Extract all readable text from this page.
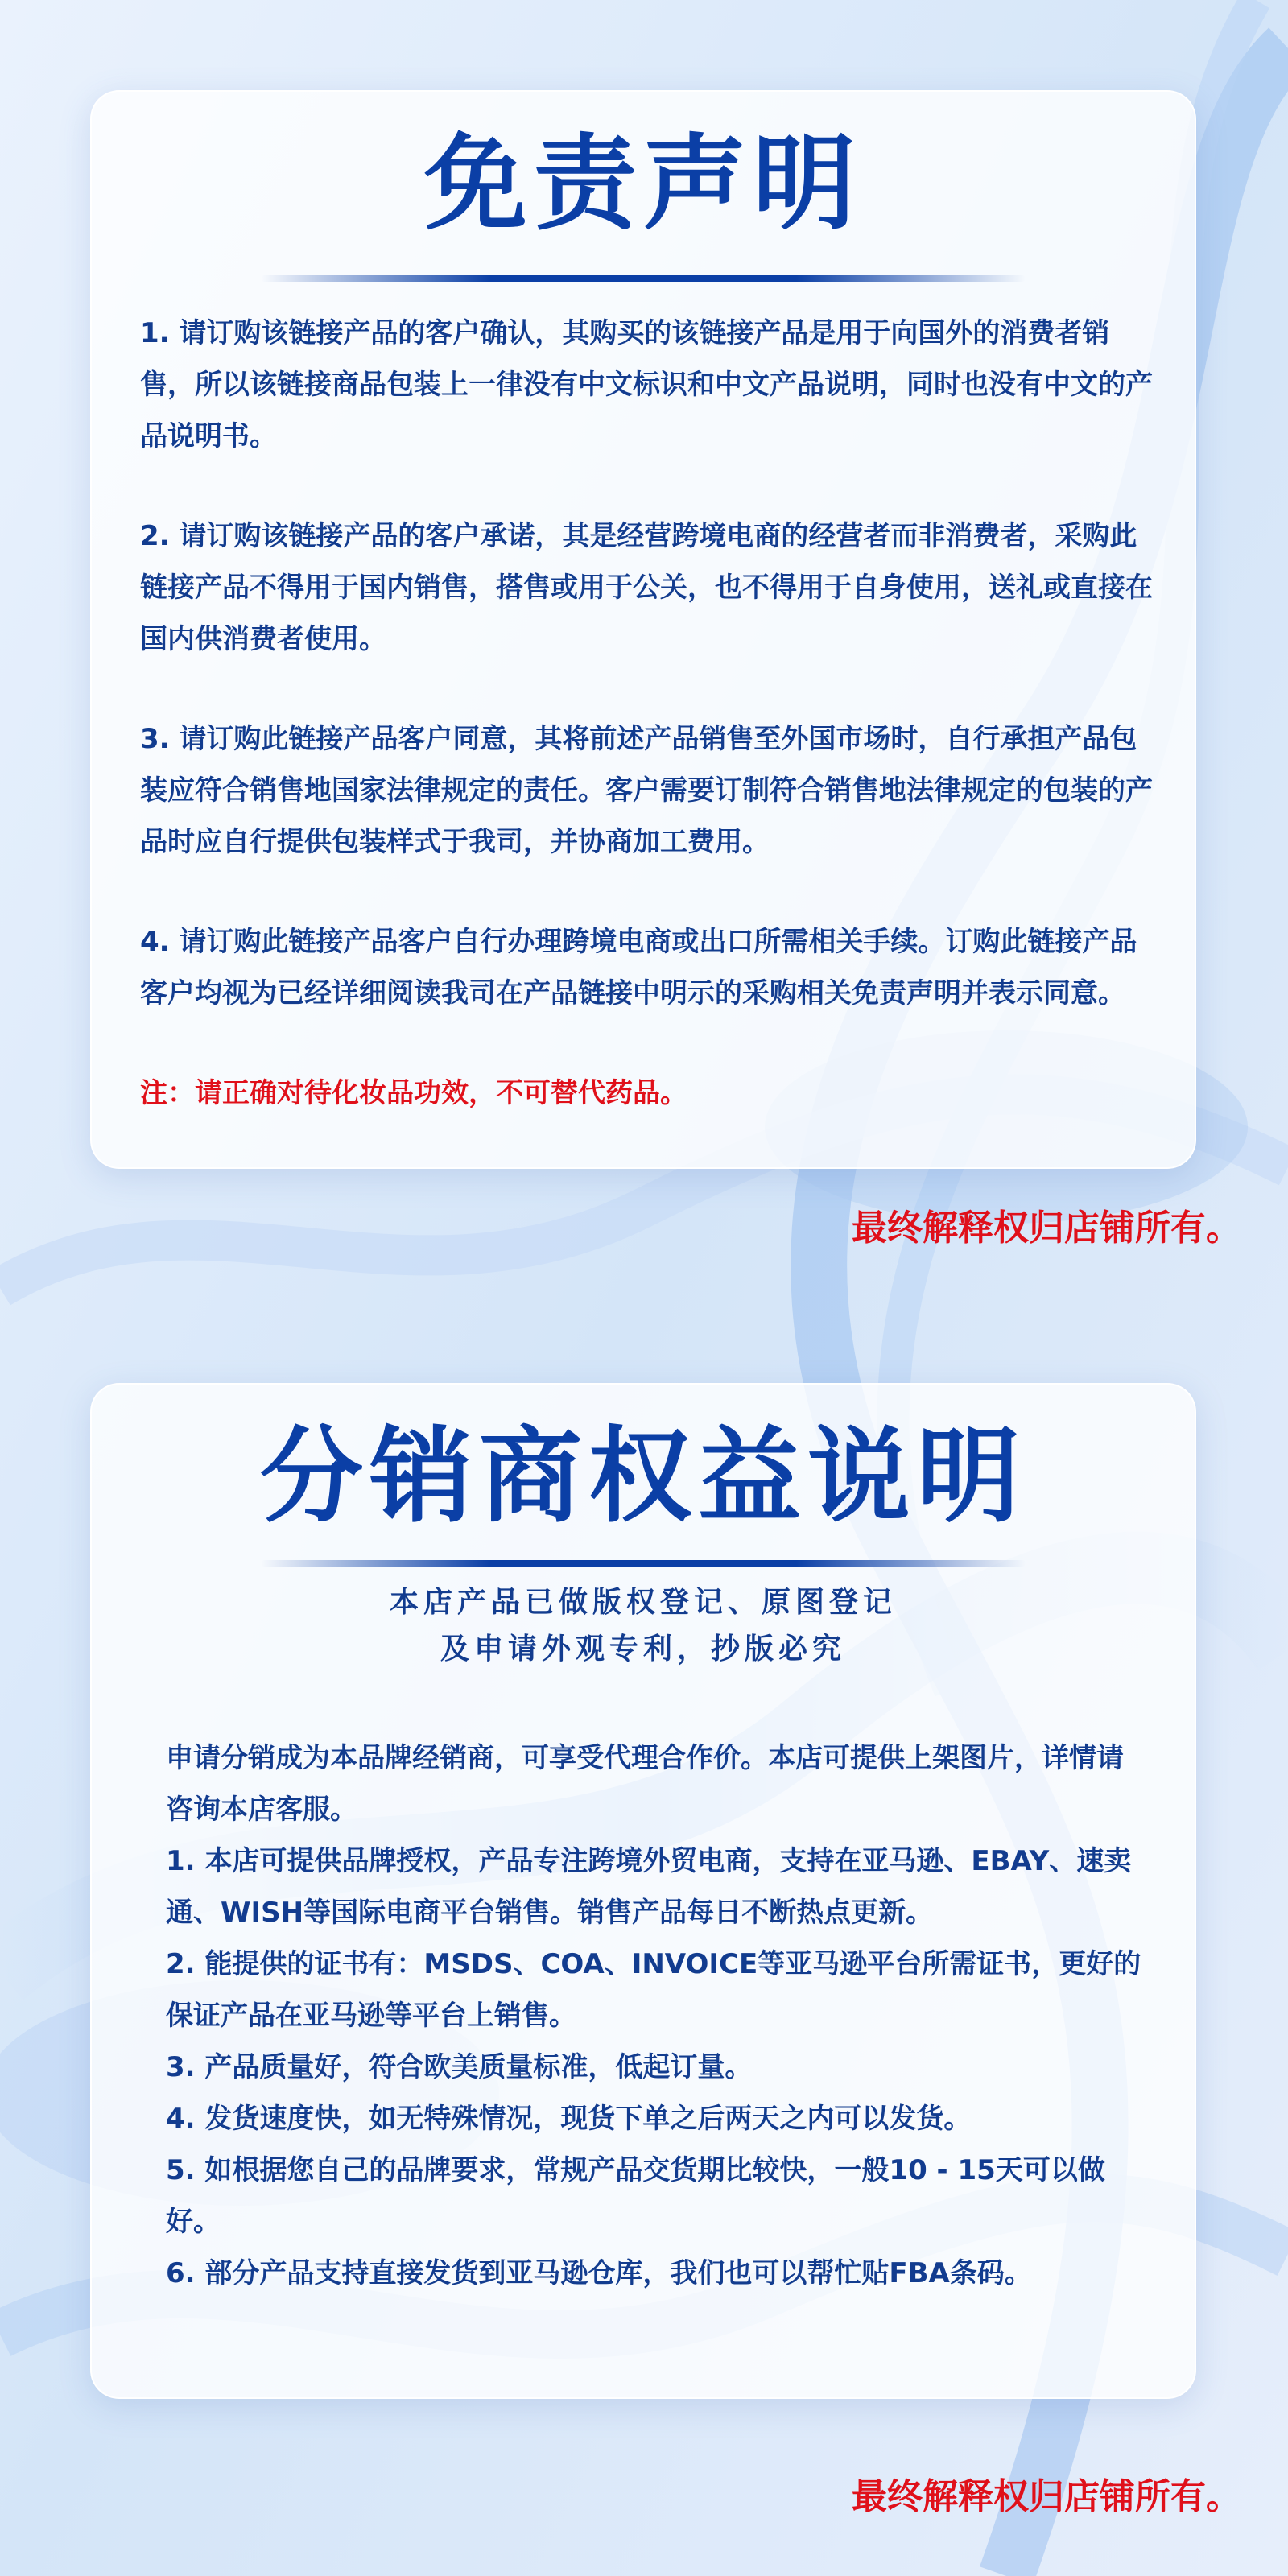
免责声明

1. 请订购该链接产品的客户确认，其购买的该链接产品是用于向国外的消费者销售，所以该链接商品包装上一律没有中文标识和中文产品说明，同时也没有中文的产品说明书。

2. 请订购该链接产品的客户承诺，其是经营跨境电商的经营者而非消费者，采购此链接产品不得用于国内销售，搭售或用于公关，也不得用于自身使用，送礼或直接在国内供消费者使用。

3. 请订购此链接产品客户同意，其将前述产品销售至外国市场时，自行承担产品包装应符合销售地国家法律规定的责任。客户需要订制符合销售地法律规定的包装的产品时应自行提供包装样式于我司，并协商加工费用。

4. 请订购此链接产品客户自行办理跨境电商或出口所需相关手续。订购此链接产品客户均视为已经详细阅读我司在产品链接中明示的采购相关免责声明并表示同意。

注：请正确对待化妆品功效，不可替代药品。

最终解释权归店铺所有。
分销商权益说明
本店产品已做版权登记、原图登记
及申请外观专利，抄版必究

申请分销成为本品牌经销商，可享受代理合作价。本店可提供上架图片，详情请咨询本店客服。

1. 本店可提供品牌授权，产品专注跨境外贸电商，支持在亚马逊、EBAY、速卖通、WISH等国际电商平台销售。销售产品每日不断热点更新。

2. 能提供的证书有：MSDS、COA、INVOICE等亚马逊平台所需证书，更好的保证产品在亚马逊等平台上销售。

3. 产品质量好，符合欧美质量标准，低起订量。

4. 发货速度快，如无特殊情况，现货下单之后两天之内可以发货。

5. 如根据您自己的品牌要求，常规产品交货期比较快，一般10 - 15天可以做好。

6. 部分产品支持直接发货到亚马逊仓库，我们也可以帮忙贴FBA条码。

最终解释权归店铺所有。
